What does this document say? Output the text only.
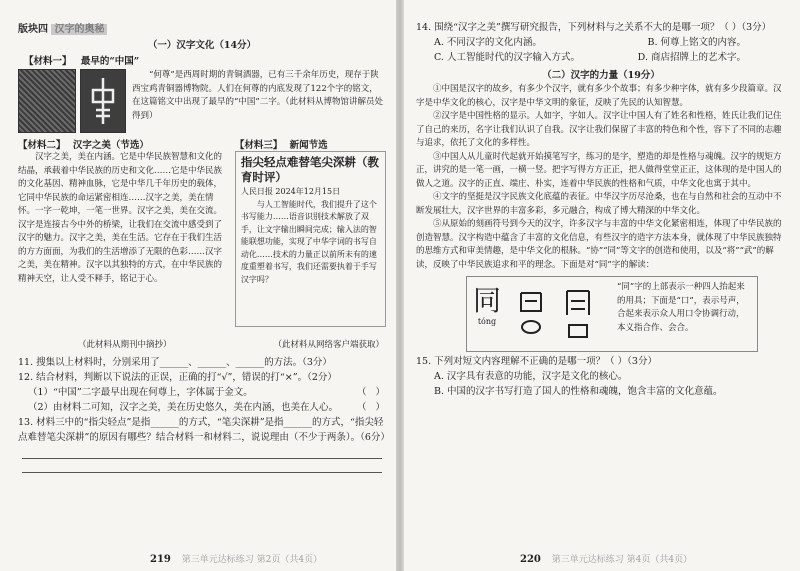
版块四 汉字的奥秘
（一）汉字文化（14分）
【材料一】 最早的“中国”
“何尊”是西周时期的青铜酒器，已有三千余年历史，现存于陕西宝鸡青铜器博物院。人们在何尊的内底发现了122个字的铭文，在这篇铭文中出现了最早的“中国”二字。（此材料从博物馆讲解员处得到）
【材料二】 汉字之美（节选）
汉字之美，美在内涵。它是中华民族智慧和文化的结晶，承载着中华民族的历史和文化……它是中华民族的文化基因、精神血脉，它是中华几千年历史的载体，它同中华民族的命运紧密相连……汉字之美，美在情怀。一字一乾坤，一笔一世界。汉字之美，美在交流。汉字是连接古今中外的桥梁，让我们在交流中感受到了汉字的魅力。汉字之美，美在生活。它存在于我们生活的方方面面，为我们的生活增添了无限的色彩……汉字之美，美在精神。汉字以其独特的方式，在中华民族的精神天空，让人受不释手，铭记于心。
【材料三】 新闻节选
指尖轻点难替笔尖深耕（教育时评）
人民日报 2024年12月15日
与人工智能时代，我们提升了这个书写能力……语音识别技术解放了双手，让文字输出瞬间完成；输入法的智能联想功能，实现了中华字词的书写自动化……技术的力量正以前所未有的速度重塑着书写，我们还需要执着于手写汉字吗？
（此材料从期刊中摘抄）	（此材料从网络客户端获取）

11. 搜集以上材料时，分别采用了______、______、______的方法。（3分）

12. 结合材料，判断以下说法的正误，正确的打“√”，错误的打“×”。（2分）

（1）“中国”二字最早出现在何尊上，字体属于金文。	（   ）
（2）由材料二可知，汉字之美，美在历史悠久，美在内涵，也美在人心。 （   ）

13. 材料三中的“指尖轻点”是指______的方式，“笔尖深耕”是指______的方式，“指尖轻点难替笔尖深耕”的原因有哪些？结合材料一和材料二，说说理由（不少于两条）。（6分）

219 第三单元达标练习 第2页（共4页）

14. 围绕“汉字之美”撰写研究报告，下列材料与之关系不大的是哪一项？（ ）（3分）

A. 不同汉字的文化内涵。	B. 何尊上铭文的内容。
C. 人工智能时代的汉字输入方式。	D. 商店招牌上的艺术字。
（二）汉字的力量（19分）

①中国是汉字的故乡，有多少个汉字，就有多少个故事；有多少种字体，就有多少段篇章。汉字是中华文化的核心，汉字是中华文明的象征，反映了先民的认知智慧。

②汉字是中国性格的显示。人如字，字如人。汉字让中国人有了姓名和性格，姓氏让我们记住了自己的来历，名字让我们认识了自我。汉字让我们保留了丰富的特色和个性，容下了不同的志趣与追求，依托了文化的多样性。

③中国人从儿童时代起就开始摸笔写字，练习的是字，塑造的却是性格与魂魄。汉字的规矩方正，讲究的是一笔一画，一横一竖。把字写得方方正正，把人做得堂堂正正，这体现的是中国人的做人之道。汉字的正直、端庄、朴实，连着中华民族的性格和气质，中华文化也寓于其中。

④文字的坚挺是汉字民族文化底蕴的表征。中华汉字历尽沧桑，也在与自然和社会的互动中不断发展壮大，汉字世界的丰富多彩，多元融合，构成了博大精深的中华文化。

⑤从原始的刻画符号到今天的汉字，许多汉字与丰富的中华文化紧密相连，体现了中华民族的创造智慧。汉字构造中蕴含了丰富的文化信息，有些汉字的造字方法本身，就体现了中华民族独特的思维方式和审美情趣，是中华文化的根脉。“协”“同”等文字的创造和使用，以及“将”“武”的解读，反映了中华民族追求和平的理念。下面是对“同”字的解读：

同
tóng
“同”字的上部表示一种四人抬起来的用具；下面是“口”，表示号声，合起来表示众人用口令协调行动，本义指合作、会合。

15. 下列对短文内容理解不正确的是哪一项？（ ）（3分）

A. 汉字具有表意的功能，汉字是文化的核心。
B. 中国的汉字书写打造了国人的性格和魂魄，饱含丰富的文化意蕴。
220 第三单元达标练习 第4页（共4页）
